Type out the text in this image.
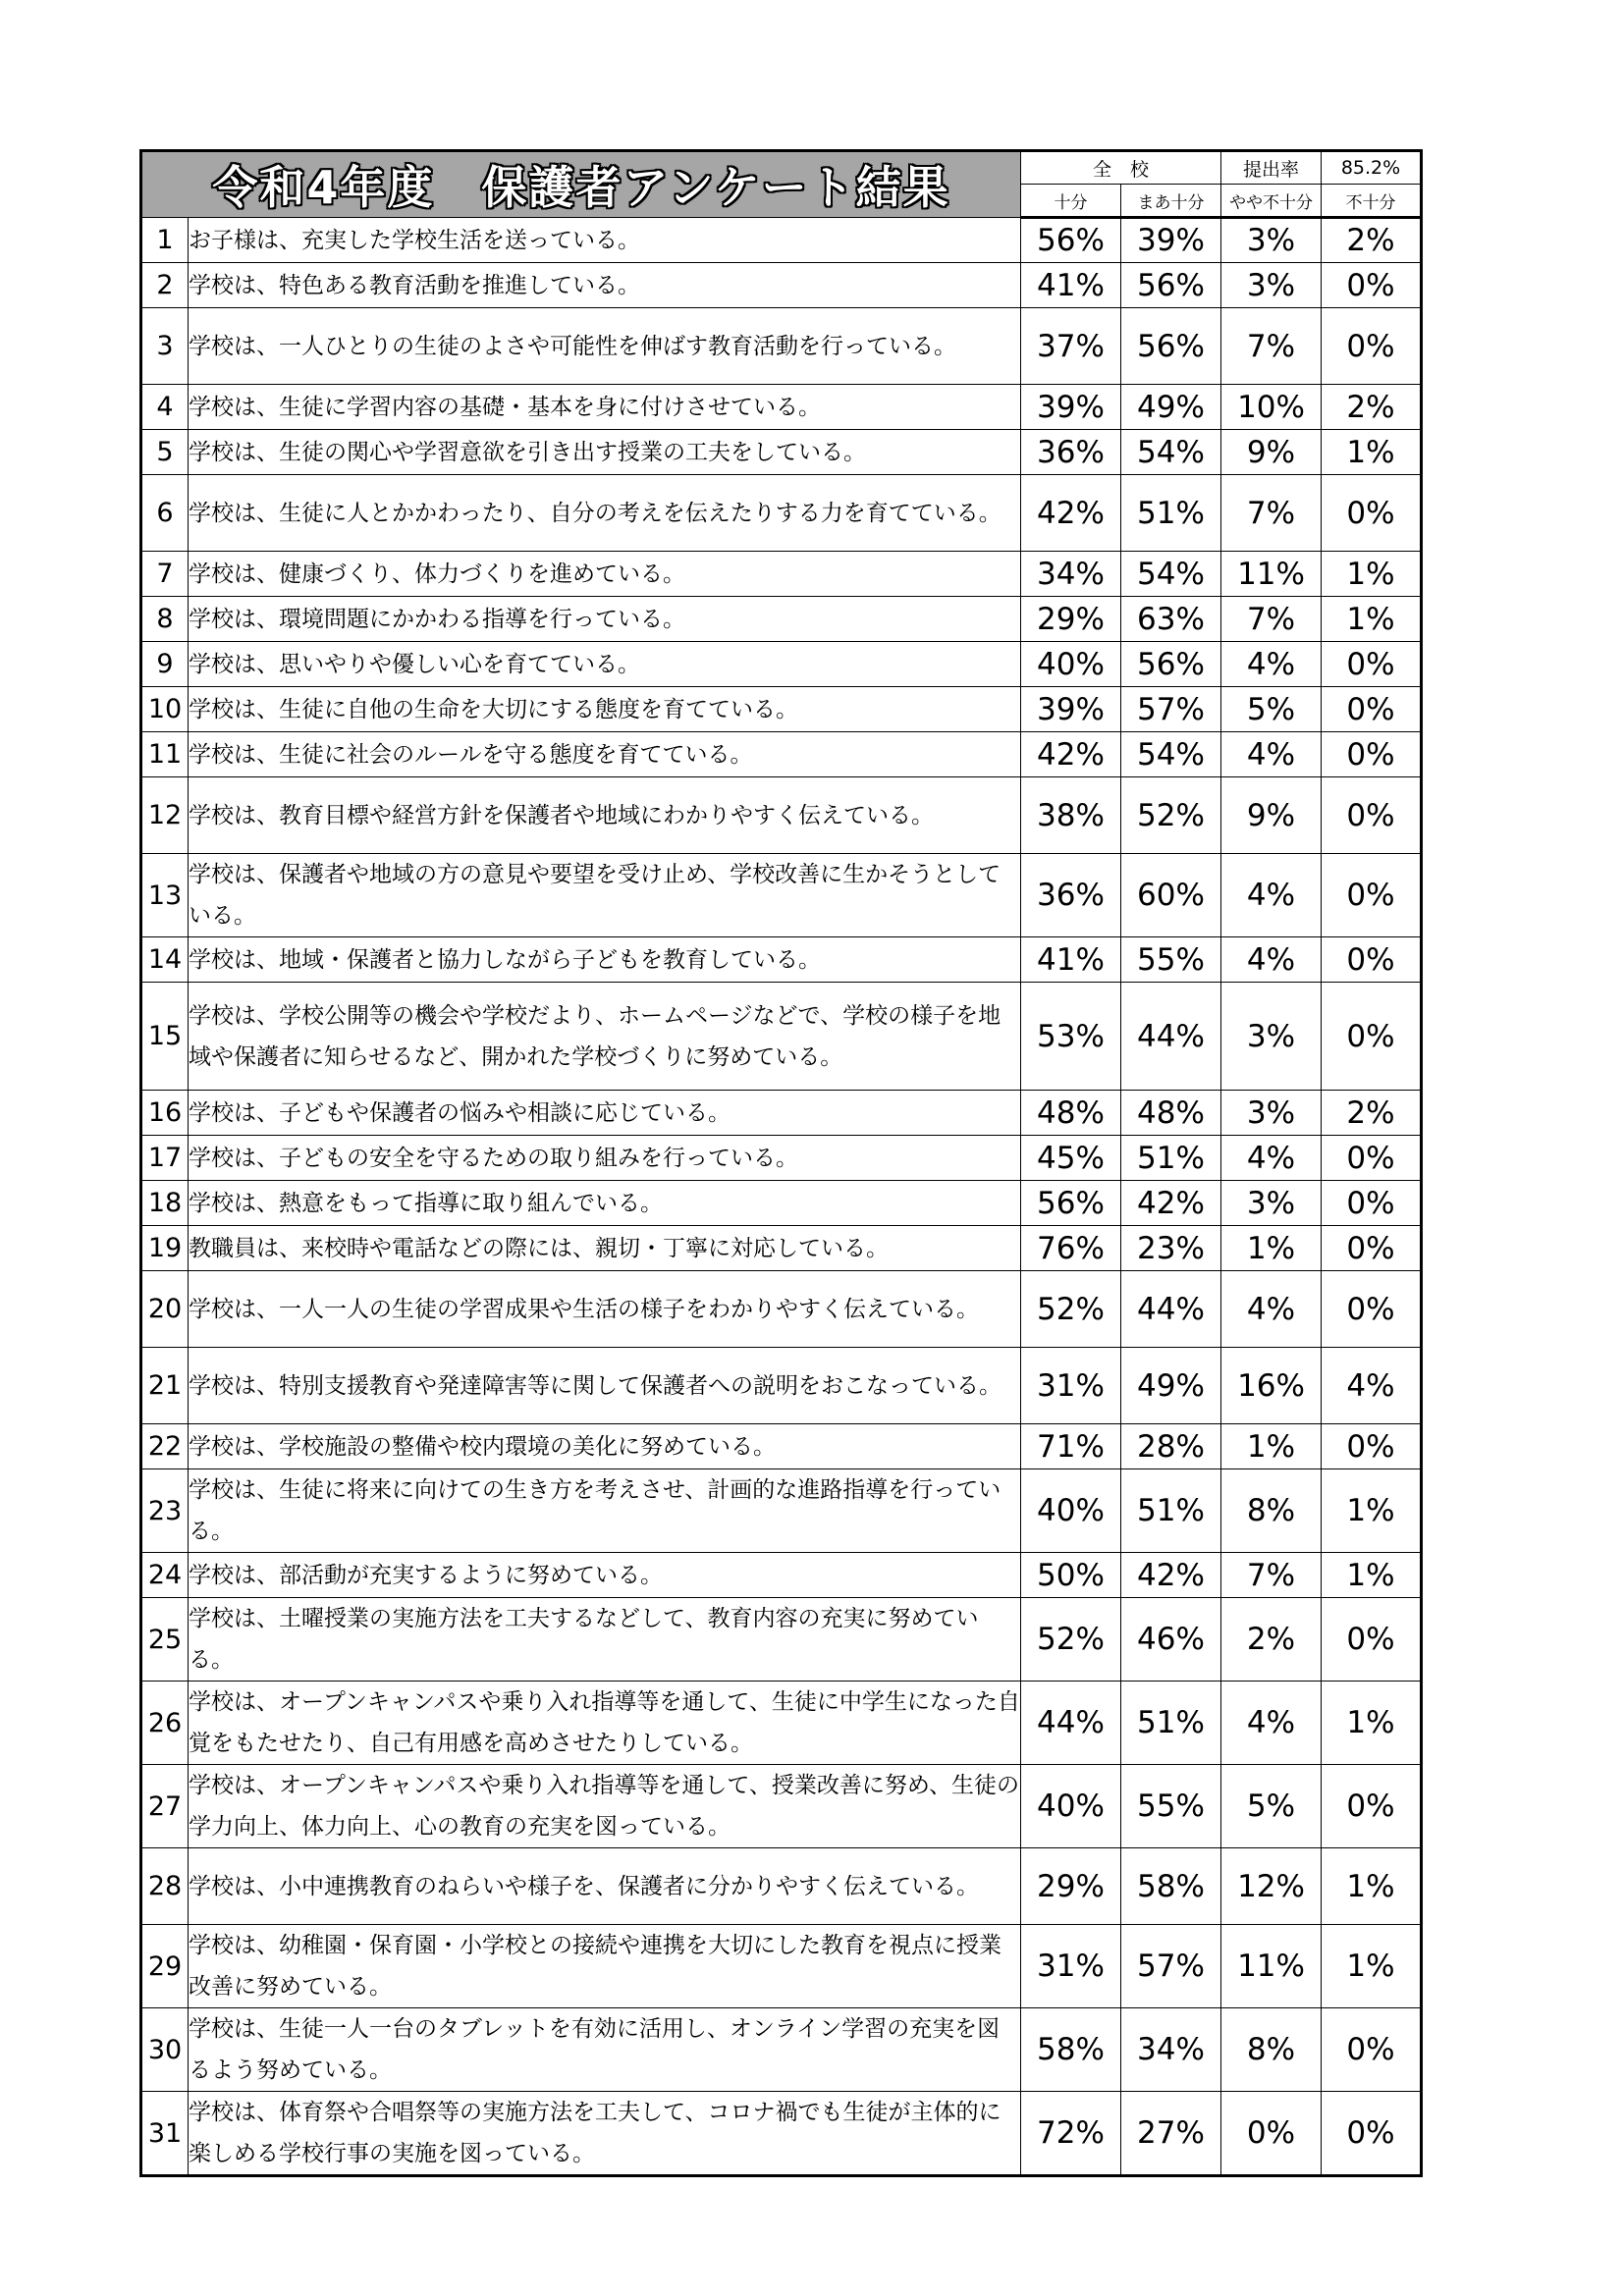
令和4年度　保護者アンケート結果		全　校		提出率	85.2%
		十分	まあ十分	やや不十分	不十分
1	お子様は、充実した学校生活を送っている。	56%	39%	3%	2%
2	学校は、特色ある教育活動を推進している。	41%	56%	3%	0%
3	学校は、一人ひとりの生徒のよさや可能性を伸ばす教育活動を行っている。	37%	56%	7%	0%
4	学校は、生徒に学習内容の基礎・基本を身に付けさせている。	39%	49%	10%	2%
5	学校は、生徒の関心や学習意欲を引き出す授業の工夫をしている。	36%	54%	9%	1%
6	学校は、生徒に人とかかわったり、自分の考えを伝えたりする力を育てている。	42%	51%	7%	0%
7	学校は、健康づくり、体力づくりを進めている。	34%	54%	11%	1%
8	学校は、環境問題にかかわる指導を行っている。	29%	63%	7%	1%
9	学校は、思いやりや優しい心を育てている。	40%	56%	4%	0%
10	学校は、生徒に自他の生命を大切にする態度を育てている。	39%	57%	5%	0%
11	学校は、生徒に社会のルールを守る態度を育てている。	42%	54%	4%	0%
12	学校は、教育目標や経営方針を保護者や地域にわかりやすく伝えている。	38%	52%	9%	0%
13	学校は、保護者や地域の方の意見や要望を受け止め、学校改善に生かそうとしている。	36%	60%	4%	0%
14	学校は、地域・保護者と協力しながら子どもを教育している。	41%	55%	4%	0%
15	学校は、学校公開等の機会や学校だより、ホームページなどで、学校の様子を地域や保護者に知らせるなど、開かれた学校づくりに努めている。	53%	44%	3%	0%
16	学校は、子どもや保護者の悩みや相談に応じている。	48%	48%	3%	2%
17	学校は、子どもの安全を守るための取り組みを行っている。	45%	51%	4%	0%
18	学校は、熱意をもって指導に取り組んでいる。	56%	42%	3%	0%
19	教職員は、来校時や電話などの際には、親切・丁寧に対応している。	76%	23%	1%	0%
20	学校は、一人一人の生徒の学習成果や生活の様子をわかりやすく伝えている。	52%	44%	4%	0%
21	学校は、特別支援教育や発達障害等に関して保護者への説明をおこなっている。	31%	49%	16%	4%
22	学校は、学校施設の整備や校内環境の美化に努めている。	71%	28%	1%	0%
23	学校は、生徒に将来に向けての生き方を考えさせ、計画的な進路指導を行っている。	40%	51%	8%	1%
24	学校は、部活動が充実するように努めている。	50%	42%	7%	1%
25	学校は、土曜授業の実施方法を工夫するなどして、教育内容の充実に努めている。	52%	46%	2%	0%
26	学校は、オープンキャンパスや乗り入れ指導等を通して、生徒に中学生になった自覚をもたせたり、自己有用感を高めさせたりしている。	44%	51%	4%	1%
27	学校は、オープンキャンパスや乗り入れ指導等を通して、授業改善に努め、生徒の学力向上、体力向上、心の教育の充実を図っている。	40%	55%	5%	0%
28	学校は、小中連携教育のねらいや様子を、保護者に分かりやすく伝えている。	29%	58%	12%	1%
29	学校は、幼稚園・保育園・小学校との接続や連携を大切にした教育を視点に授業改善に努めている。	31%	57%	11%	1%
30	学校は、生徒一人一台のタブレットを有効に活用し、オンライン学習の充実を図るよう努めている。	58%	34%	8%	0%
31	学校は、体育祭や合唱祭等の実施方法を工夫して、コロナ禍でも生徒が主体的に楽しめる学校行事の実施を図っている。	72%	27%	0%	0%
